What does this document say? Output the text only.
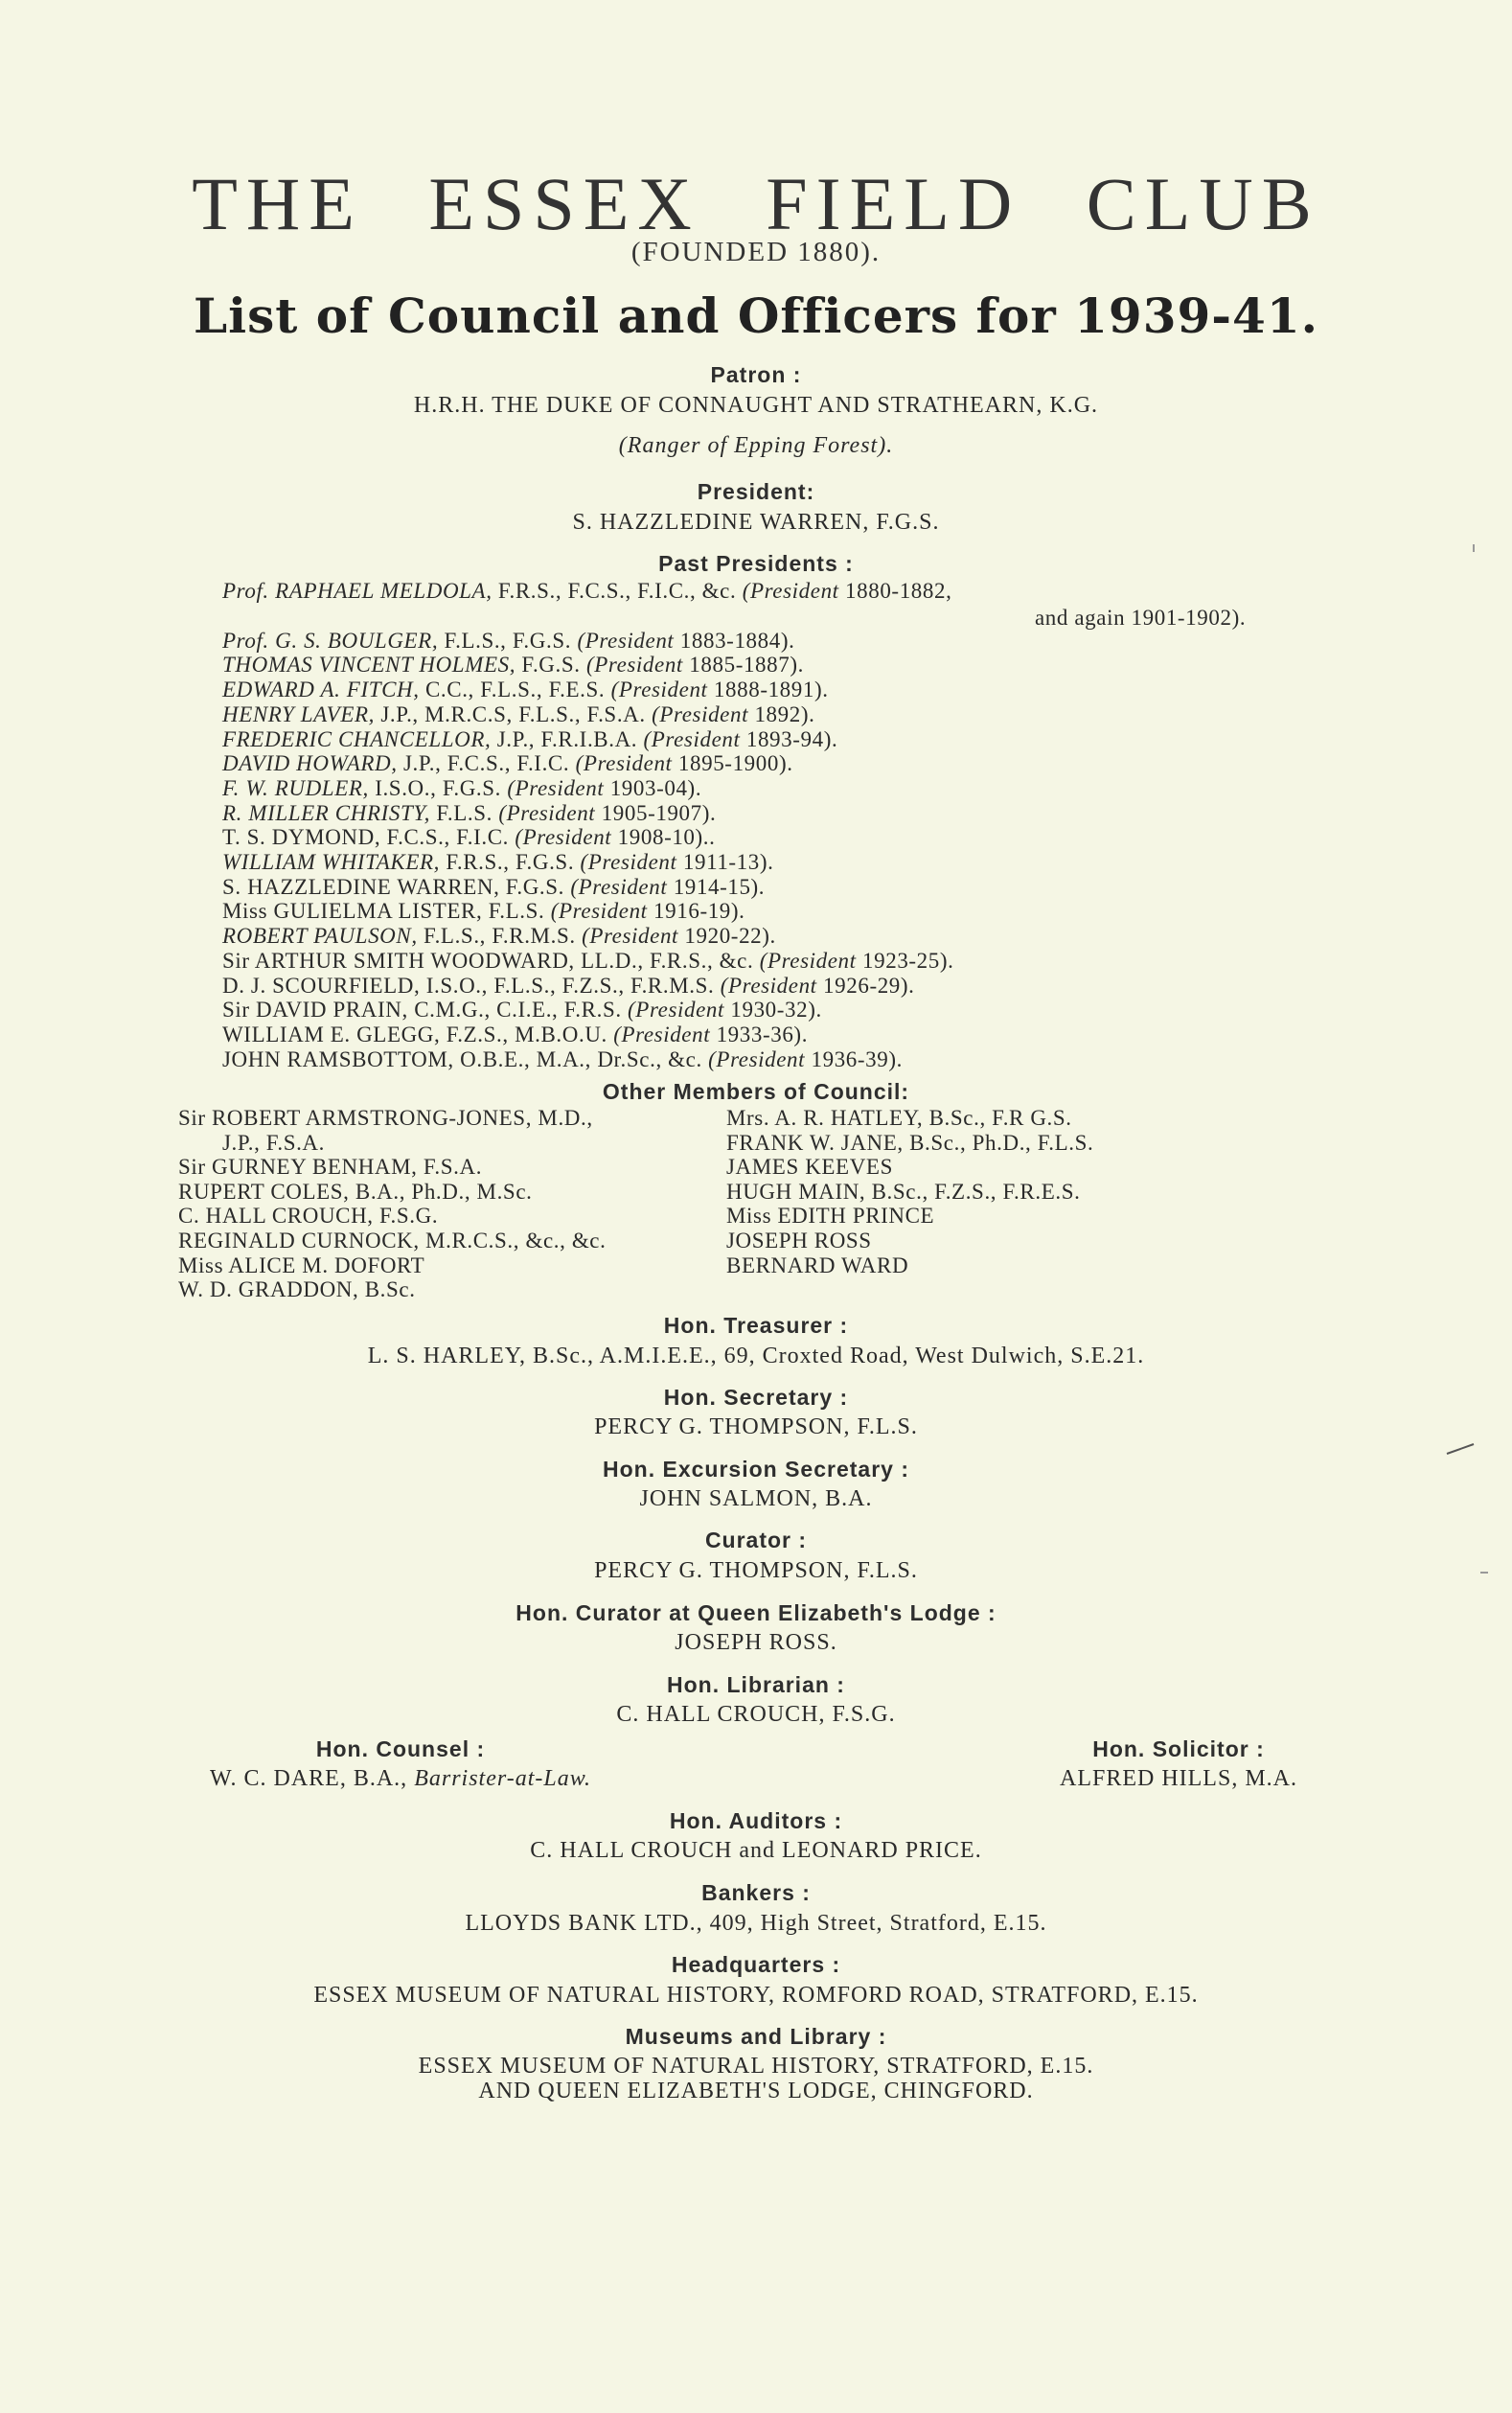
THE ESSEX FIELD CLUB
(FOUNDED 1880).
List of Council and Officers for 1939-41.
Patron :
H.R.H. THE DUKE OF CONNAUGHT AND STRATHEARN, K.G.
(Ranger of Epping Forest).
President:
S. HAZZLEDINE WARREN, F.G.S.
Past Presidents :
Prof. RAPHAEL MELDOLA, F.R.S., F.C.S., F.I.C., &c. (President 1880-1882,
Prof. G. S. BOULGER, F.L.S., F.G.S. (President 1883-1884).
THOMAS VINCENT HOLMES, F.G.S. (President 1885-1887).
EDWARD A. FITCH, C.C., F.L.S., F.E.S. (President 1888-1891).
HENRY LAVER, J.P., M.R.C.S, F.L.S., F.S.A. (President 1892).
FREDERIC CHANCELLOR, J.P., F.R.I.B.A. (President 1893-94).
DAVID HOWARD, J.P., F.C.S., F.I.C. (President 1895-1900).
F. W. RUDLER, I.S.O., F.G.S. (President 1903-04).
R. MILLER CHRISTY, F.L.S. (President 1905-1907).
T. S. DYMOND, F.C.S., F.I.C. (President 1908-10)..
WILLIAM WHITAKER, F.R.S., F.G.S. (President 1911-13).
S. HAZZLEDINE WARREN, F.G.S. (President 1914-15).
Miss GULIELMA LISTER, F.L.S. (President 1916-19).
ROBERT PAULSON, F.L.S., F.R.M.S. (President 1920-22).
Sir ARTHUR SMITH WOODWARD, LL.D., F.R.S., &c. (President 1923-25).
D. J. SCOURFIELD, I.S.O., F.L.S., F.Z.S., F.R.M.S. (President 1926-29).
Sir DAVID PRAIN, C.M.G., C.I.E., F.R.S. (President 1930-32).
WILLIAM E. GLEGG, F.Z.S., M.B.O.U. (President 1933-36).
JOHN RAMSBOTTOM, O.B.E., M.A., Dr.Sc., &c. (President 1936-39).
and again 1901-1902).
Other Members of Council:
Sir ROBERT ARMSTRONG-JONES, M.D.,
J.P., F.S.A.
Sir GURNEY BENHAM, F.S.A.
RUPERT COLES, B.A., Ph.D., M.Sc.
C. HALL CROUCH, F.S.G.
REGINALD CURNOCK, M.R.C.S., &c., &c.
Miss ALICE M. DOFORT
W. D. GRADDON, B.Sc.
Mrs. A. R. HATLEY, B.Sc., F.R G.S.
FRANK W. JANE, B.Sc., Ph.D., F.L.S.
JAMES KEEVES
HUGH MAIN, B.Sc., F.Z.S., F.R.E.S.
Miss EDITH PRINCE
JOSEPH ROSS
BERNARD WARD
Hon. Treasurer :
L. S. HARLEY, B.Sc., A.M.I.E.E., 69, Croxted Road, West Dulwich, S.E.21.
Hon. Secretary :
PERCY G. THOMPSON, F.L.S.
Hon. Excursion Secretary :
JOHN SALMON, B.A.
Curator :
PERCY G. THOMPSON, F.L.S.
Hon. Curator at Queen Elizabeth's Lodge :
JOSEPH ROSS.
Hon. Librarian :
C. HALL CROUCH, F.S.G.
Hon. Counsel :
W. C. DARE, B.A., Barrister-at-Law.
Hon. Solicitor :
ALFRED HILLS, M.A.
Hon. Auditors :
C. HALL CROUCH and LEONARD PRICE.
Bankers :
LLOYDS BANK LTD., 409, High Street, Stratford, E.15.
Headquarters :
ESSEX MUSEUM OF NATURAL HISTORY, ROMFORD ROAD, STRATFORD, E.15.
Museums and Library :
ESSEX MUSEUM OF NATURAL HISTORY, STRATFORD, E.15.
AND QUEEN ELIZABETH'S LODGE, CHINGFORD.
